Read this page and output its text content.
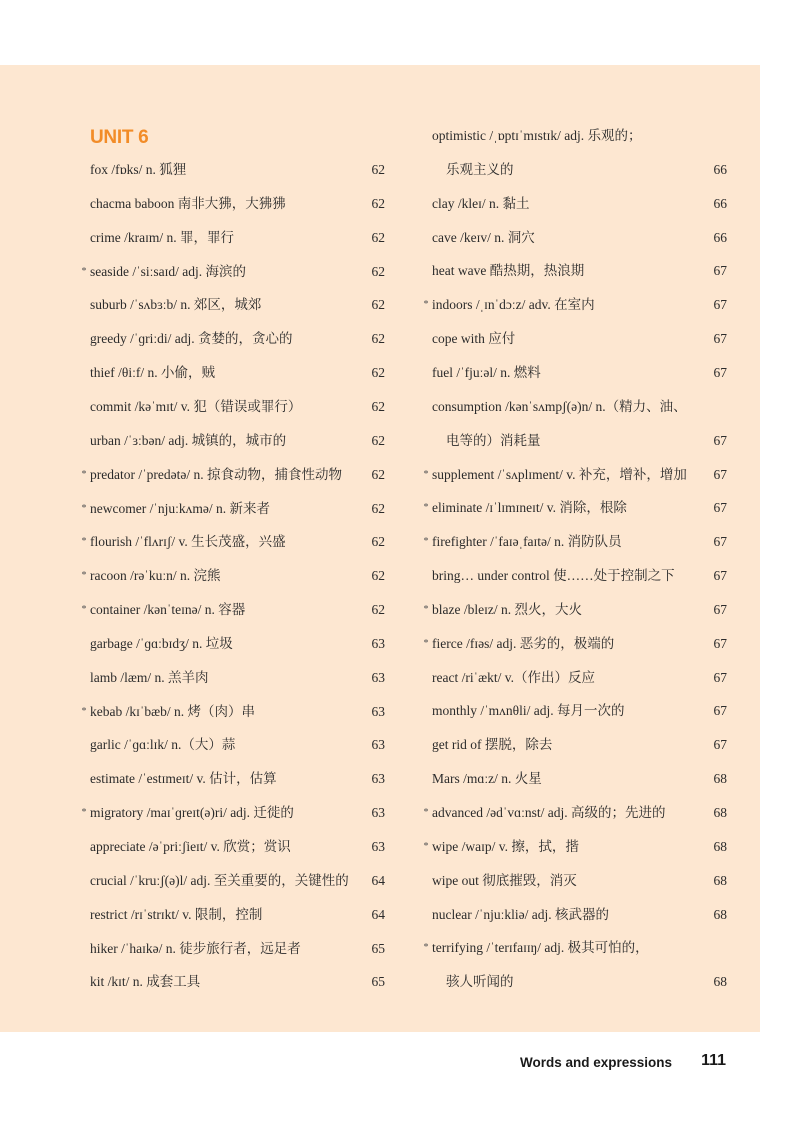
UNIT 6
fox /fɒks/ n. 狐狸	62
chacma baboon 南非大狒，大狒狒	62
crime /kraɪm/ n. 罪，罪行	62
* seaside /ˈsiːsaɪd/ adj. 海滨的	62
suburb /ˈsʌbɜːb/ n. 郊区，城郊	62
greedy /ˈɡriːdi/ adj. 贪婪的，贪心的	62
thief /θiːf/ n. 小偷，贼	62
commit /kəˈmɪt/ v. 犯（错误或罪行）	62
urban /ˈɜːbən/ adj. 城镇的，城市的	62
* predator /ˈpredətə/ n. 掠食动物，捕食性动物	62
* newcomer /ˈnjuːkʌmə/ n. 新来者	62
* flourish /ˈflʌrɪʃ/ v. 生长茂盛，兴盛	62
* racoon /rəˈkuːn/ n. 浣熊	62
* container /kənˈteɪnə/ n. 容器	62
garbage /ˈɡɑːbɪdʒ/ n. 垃圾	63
lamb /læm/ n. 羔羊肉	63
* kebab /kɪˈbæb/ n. 烤（肉）串	63
garlic /ˈɡɑːlɪk/ n.（大）蒜	63
estimate /ˈestɪmeɪt/ v. 估计，估算	63
* migratory /maɪˈɡreɪt(ə)ri/ adj. 迁徙的	63
appreciate /əˈpriːʃieɪt/ v. 欣赏；赏识	63
crucial /ˈkruːʃ(ə)l/ adj. 至关重要的，关键性的	64
restrict /rɪˈstrɪkt/ v. 限制，控制	64
hiker /ˈhaɪkə/ n. 徒步旅行者，远足者	65
kit /kɪt/ n. 成套工具	65
optimistic /ˌɒptɪˈmɪstɪk/ adj. 乐观的；
乐观主义的	66
clay /kleɪ/ n. 黏土	66
cave /keɪv/ n. 洞穴	66
heat wave 酷热期，热浪期	67
* indoors /ˌɪnˈdɔːz/ adv. 在室内	67
cope with 应付	67
fuel /ˈfjuːəl/ n. 燃料	67
consumption /kənˈsʌmpʃ(ə)n/ n.（精力、油、
电等的）消耗量	67
* supplement /ˈsʌplɪment/ v. 补充，增补，增加	67
* eliminate /ɪˈlɪmɪneɪt/ v. 消除，根除	67
* firefighter /ˈfaɪəˌfaɪtə/ n. 消防队员	67
bring… under control 使……处于控制之下	67
* blaze /bleɪz/ n. 烈火，大火	67
* fierce /fɪəs/ adj. 恶劣的，极端的	67
react /riˈækt/ v.（作出）反应	67
monthly /ˈmʌnθli/ adj. 每月一次的	67
get rid of 摆脱，除去	67
Mars /mɑːz/ n. 火星	68
* advanced /ədˈvɑːnst/ adj. 高级的；先进的	68
* wipe /waɪp/ v. 擦，拭，揩	68
wipe out 彻底摧毁，消灭	68
nuclear /ˈnjuːkliə/ adj. 核武器的	68
* terrifying /ˈterɪfaɪɪŋ/ adj. 极其可怕的，
骇人听闻的	68
Words and expressions	111
